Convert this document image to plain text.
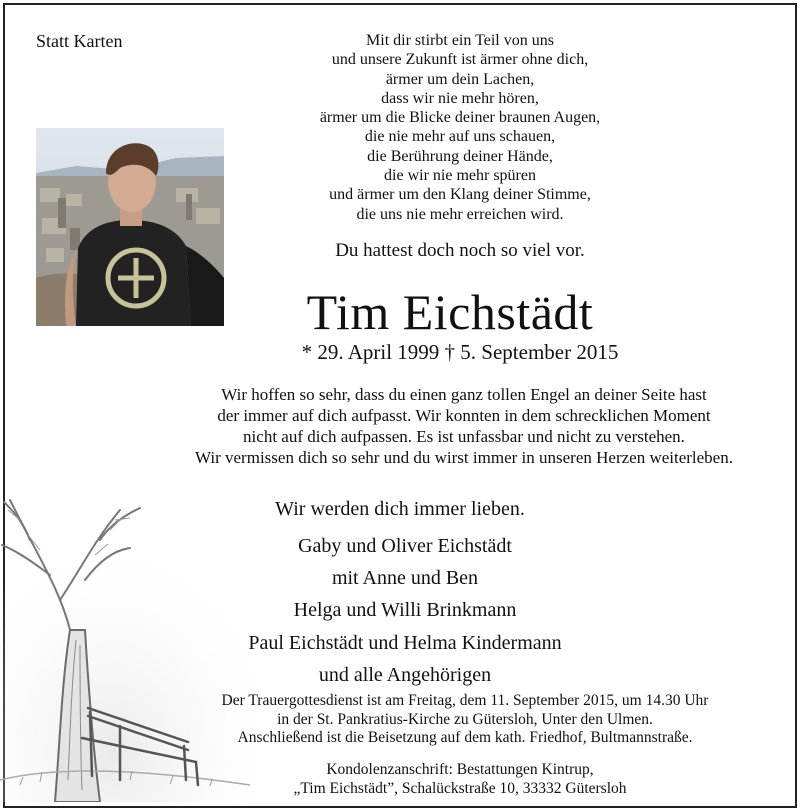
Statt Karten	Mit dir stirbt ein Teil von uns
und unsere Zukunft ist ärmer ohne dich,
ärmer um dein Lachen,
dass wir nie mehr hören,
ärmer um die Blicke deiner braunen Augen,
die nie mehr auf uns schauen,
die Berührung deiner Hände,
die wir nie mehr spüren
und ärmer um den Klang deiner Stimme,
die uns nie mehr erreichen wird.
Du hattest doch noch so viel vor.
Tim Eichstädt
* 29. April 1999 † 5. September 2015
Wir hoffen so sehr, dass du einen ganz tollen Engel an deiner Seite hast
der immer auf dich aufpasst. Wir konnten in dem schrecklichen Moment
nicht auf dich aufpassen. Es ist unfassbar und nicht zu verstehen.
Wir vermissen dich so sehr und du wirst immer in unseren Herzen weiterleben.
Wir werden dich immer lieben.
Gaby und Oliver Eichstädt
mit Anne und Ben
Helga und Willi Brinkmann
Paul Eichstädt und Helma Kindermann
und alle Angehörigen
Der Trauergottesdienst ist am Freitag, dem 11. September 2015, um 14.30 Uhr
in der St. Pankratius-Kirche zu Gütersloh, Unter den Ulmen.
Anschließend ist die Beisetzung auf dem kath. Friedhof, Bultmannstraße.
Kondolenzanschrift: Bestattungen Kintrup,
„Tim Eichstädt”, Schalückstraße 10, 33332 Gütersloh
